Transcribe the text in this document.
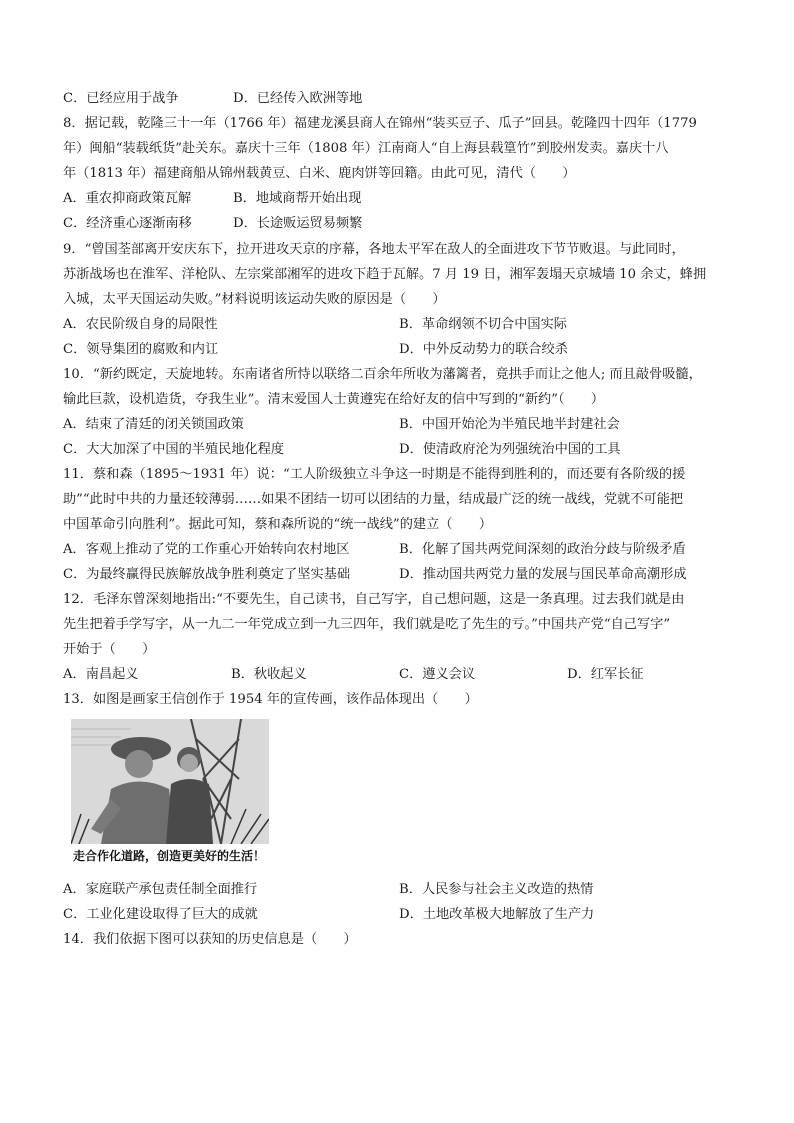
C．已经应用于战争	D．已经传入欧洲等地
8．据记载，乾隆三十一年（1766 年）福建龙溪县商人在锦州“装买豆子、瓜子”回县。乾隆四十四年（1779
年）闽船“装载纸货”赴关东。嘉庆十三年（1808 年）江南商人“自上海县载篁竹”到胶州发卖。嘉庆十八
年（1813 年）福建商船从锦州载黄豆、白米、鹿肉饼等回籍。由此可见，清代（　　）
A．重农抑商政策瓦解	B．地域商帮开始出现
C．经济重心逐渐南移	D．长途贩运贸易频繁
9．“曾国荃部离开安庆东下，拉开进攻天京的序幕，各地太平军在敌人的全面进攻下节节败退。与此同时，
苏浙战场也在淮军、洋枪队、左宗棠部湘军的进攻下趋于瓦解。7 月 19 日，湘军轰塌天京城墙 10 余丈，蜂拥
入城，太平天国运动失败。”材料说明该运动失败的原因是（　　）
A．农民阶级自身的局限性	B．革命纲领不切合中国实际
C．领导集团的腐败和内讧	D．中外反动势力的联合绞杀
10．“新约既定，天旋地转。东南诸省所恃以联络二百余年所收为藩篱者，竟拱手而让之他人; 而且敲骨吸髓，
输此巨款，设机造货，夺我生业”。清末爱国人士黄遵宪在给好友的信中写到的“新约”（　　）
A．结束了清廷的闭关锁国政策	B．中国开始沦为半殖民地半封建社会
C．大大加深了中国的半殖民地化程度	D．使清政府沦为列强统治中国的工具
11．蔡和森（1895～1931 年）说：“工人阶级独立斗争这一时期是不能得到胜利的，而还要有各阶级的援
助”“此时中共的力量还较薄弱……如果不团结一切可以团结的力量，结成最广泛的统一战线，党就不可能把
中国革命引向胜利”。据此可知，蔡和森所说的“统一战线”的建立（　　）
A．客观上推动了党的工作重心开始转向农村地区	B．化解了国共两党间深刻的政治分歧与阶级矛盾
C．为最终赢得民族解放战争胜利奠定了坚实基础	D．推动国共两党力量的发展与国民革命高潮形成
12．毛泽东曾深刻地指出:“不要先生，自己读书，自己写字，自己想问题，这是一条真理。过去我们就是由
先生把着手学写字，从一九二一年党成立到一九三四年，我们就是吃了先生的亏。”中国共产党“自己写字”
开始于（　　）
A．南昌起义	B．秋收起义	C．遵义会议	D．红军长征
13．如图是画家王信创作于 1954 年的宣传画，该作品体现出（　　）
走合作化道路，创造更美好的生活！
A．家庭联产承包责任制全面推行	B．人民参与社会主义改造的热情
C．工业化建设取得了巨大的成就	D．土地改革极大地解放了生产力
14．我们依据下图可以获知的历史信息是（　　）
